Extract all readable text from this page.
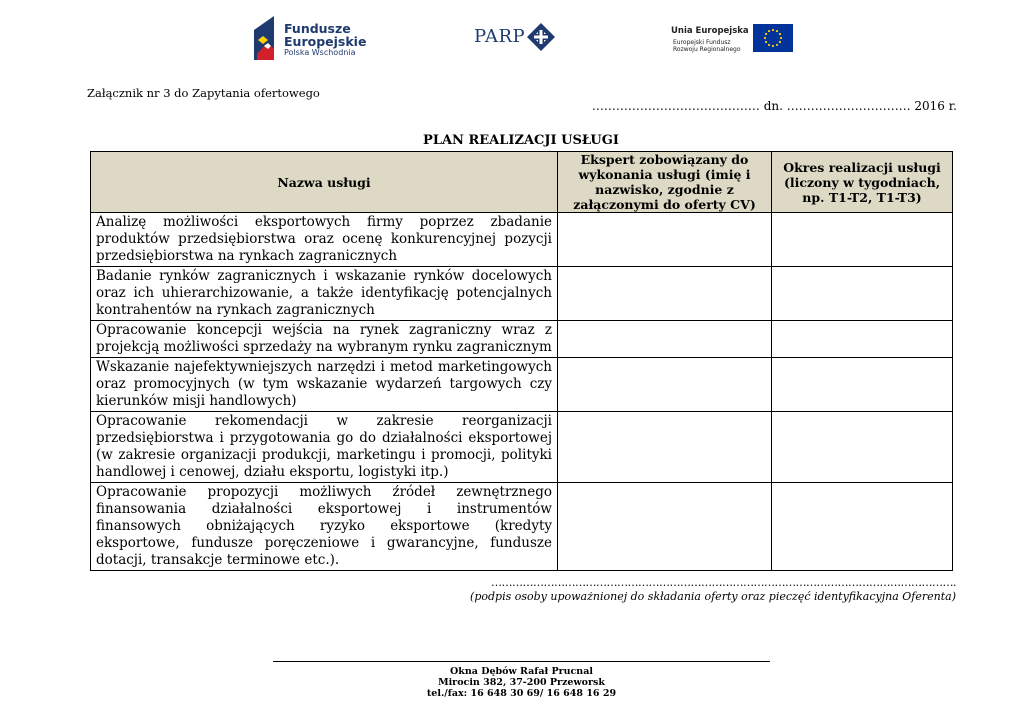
Fundusze
Europejskie
Polska Wschodnia
PARP	Unia Europejska
Europejski Fundusz
Rozwoju Regionalnego
Załącznik nr 3 do Zapytania ofertowego
…………………………………… dn. …………………………. 2016 r.
PLAN REALIZACJI USŁUGI
Nazwa usługi	Ekspert zobowiązany do wykonania usługi (imię i nazwisko, zgodnie z załączonymi do oferty CV)	Okres realizacji usługi (liczony w tygodniach, np. T1-T2, T1-T3)
Analizę możliwości eksportowych firmy poprzez zbadanie produktów przedsiębiorstwa oraz ocenę konkurencyjnej pozycji przedsiębiorstwa na rynkach zagranicznych		
Badanie rynków zagranicznych i wskazanie rynków docelowych oraz ich uhierarchizowanie, a także identyfikację potencjalnych kontrahentów na rynkach zagranicznych		
Opracowanie koncepcji wejścia na rynek zagraniczny wraz z projekcją możliwości sprzedaży na wybranym rynku zagranicznym		
Wskazanie najefektywniejszych narzędzi i metod marketingowych oraz promocyjnych (w tym wskazanie wydarzeń targowych czy kierunków misji handlowych)		
Opracowanie rekomendacji w zakresie reorganizacji przedsiębiorstwa i przygotowania go do działalności eksportowej (w zakresie organizacji produkcji, marketingu i promocji, polityki handlowej i cenowej, działu eksportu, logistyki itp.)		
Opracowanie propozycji możliwych źródeł zewnętrznego finansowania działalności eksportowej i instrumentów finansowych obniżających ryzyko eksportowe (kredyty eksportowe, fundusze poręczeniowe i gwarancyjne, fundusze dotacji, transakcje terminowe etc.).		
…………………………………………………………………………………………………………………….
(podpis osoby upoważnionej do składania oferty oraz pieczęć identyfikacyjna Oferenta)
Okna Dębów Rafał Prucnal
Mirocin 382, 37-200 Przeworsk
tel./fax: 16 648 30 69/ 16 648 16 29
